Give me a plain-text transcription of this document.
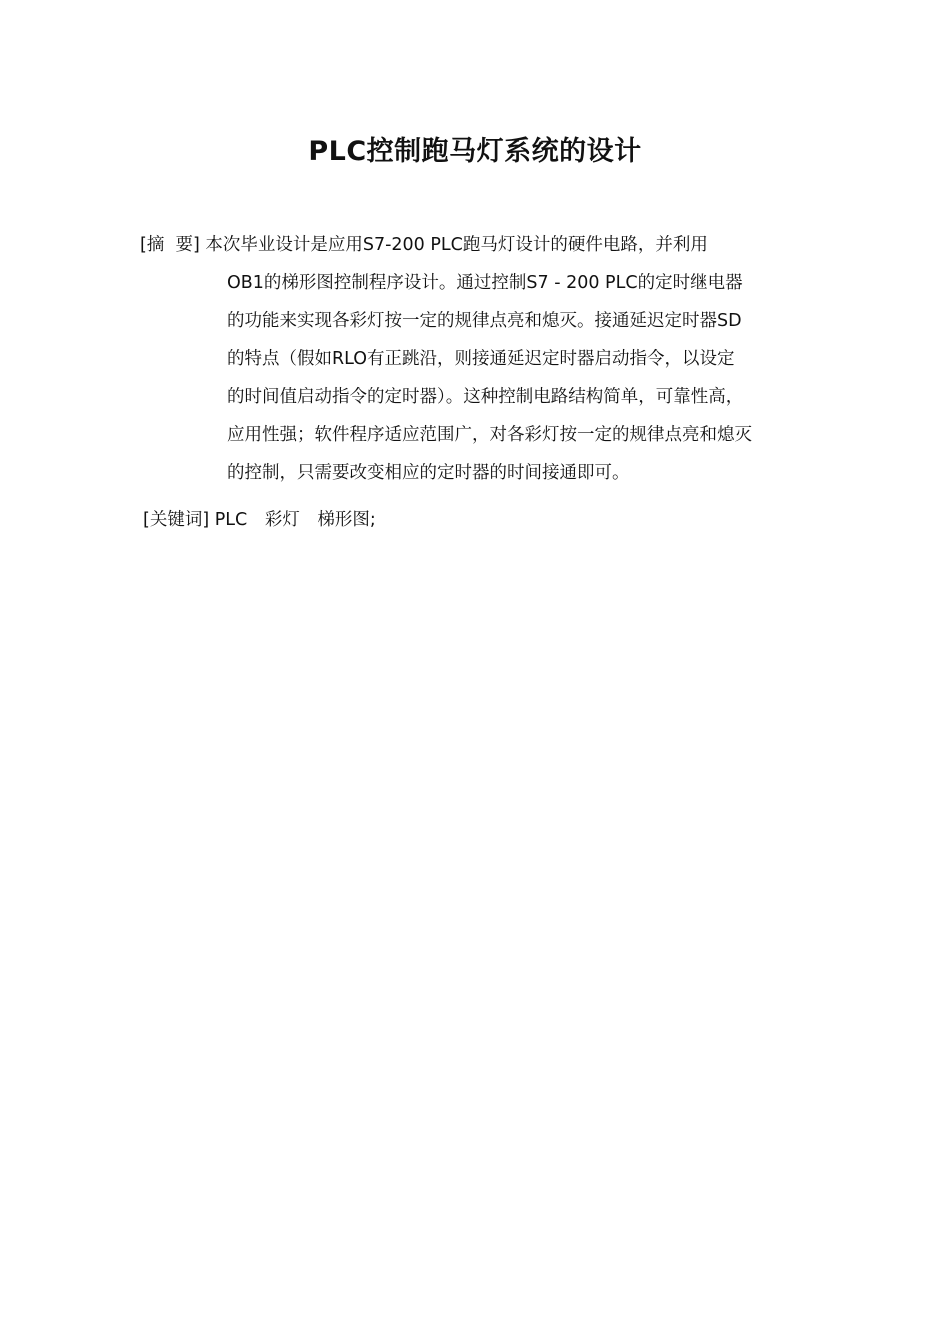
PLC控制跑马灯系统的设计
[摘  要] 本次毕业设计是应用S7-200 PLC跑马灯设计的硬件电路，并利用
OB1的梯形图控制程序设计。通过控制S7 - 200 PLC的定时继电器
的功能来实现各彩灯按一定的规律点亮和熄灭。接通延迟定时器SD
的特点（假如RLO有正跳沿，则接通延迟定时器启动指令，以设定
的时间值启动指令的定时器）。这种控制电路结构简单，可靠性高，
应用性强；软件程序适应范围广，对各彩灯按一定的规律点亮和熄灭
的控制，只需要改变相应的定时器的时间接通即可。
[关键词] PLC 彩灯 梯形图;
